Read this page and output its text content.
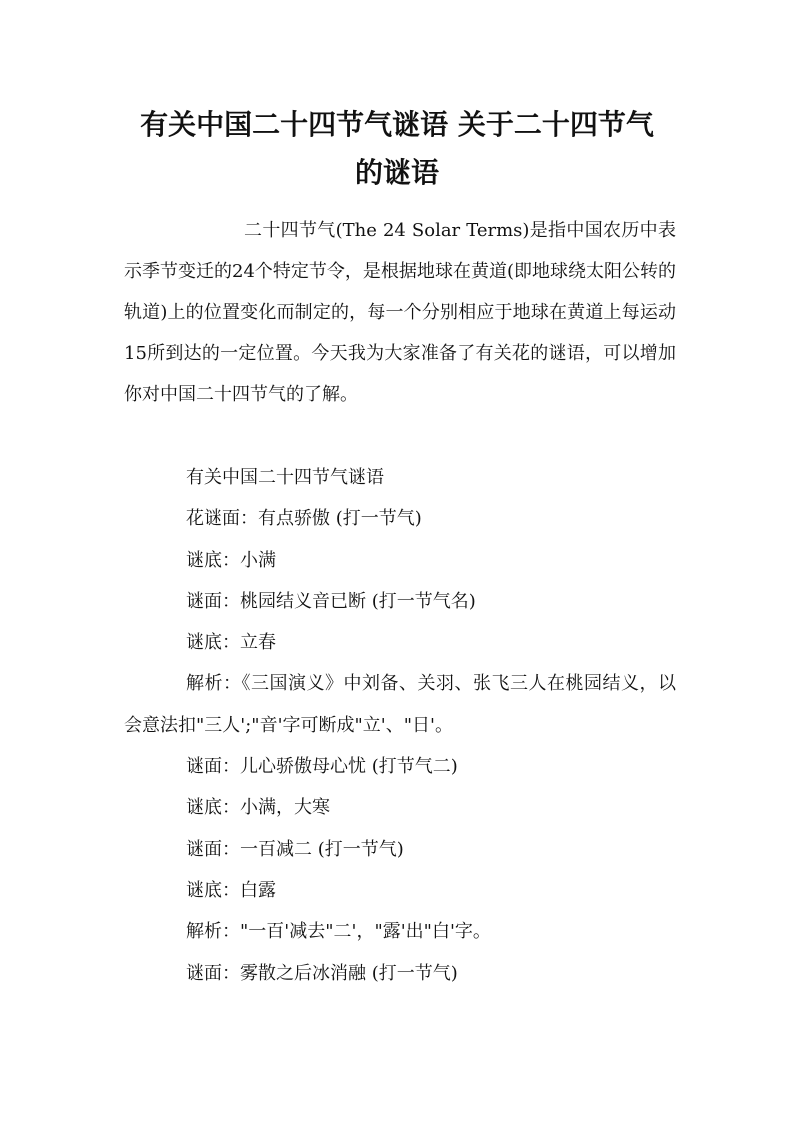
有关中国二十四节气谜语 关于二十四节气
的谜语

二十四节气(The 24 Solar Terms)是指中国农历中表示季节变迁的24个特定节令，是根据地球在黄道(即地球绕太阳公转的轨道)上的位置变化而制定的，每一个分别相应于地球在黄道上每运动15所到达的一定位置。今天我为大家准备了有关花的谜语，可以增加你对中国二十四节气的了解。

有关中国二十四节气谜语

花谜面：有点骄傲 (打一节气)

谜底：小满

谜面：桃园结义音已断 (打一节气名)

谜底：立春

解析：《三国演义》中刘备、关羽、张飞三人在桃园结义，以会意法扣"三人';"音'字可断成"立'、"日'。

谜面：儿心骄傲母心忧 (打节气二)

谜底：小满，大寒

谜面：一百减二 (打一节气)

谜底：白露

解析："一百'减去"二'，"露'出"白'字。

谜面：雾散之后冰消融 (打一节气)
